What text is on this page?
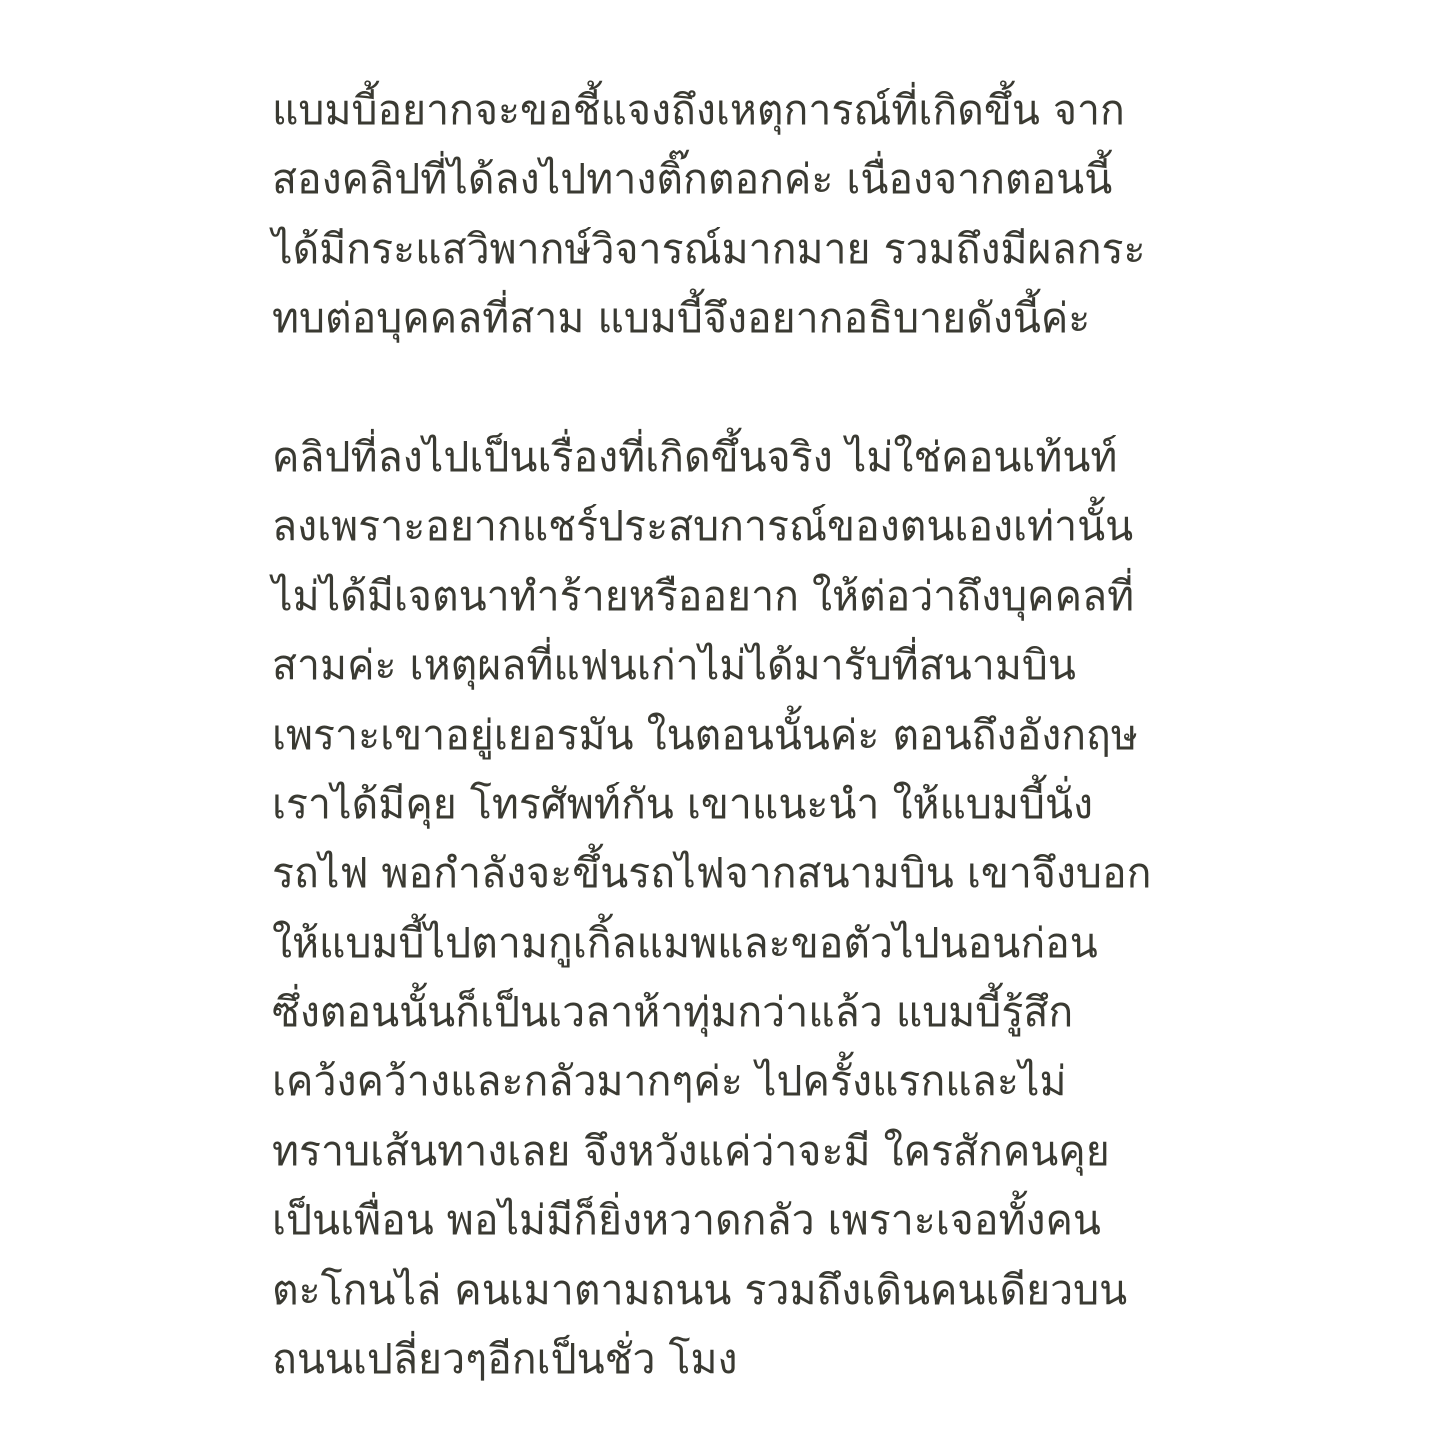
แบมบี้อยากจะขอชี้แจงถึงเหตุการณ์ที่เกิดขึ้น จาก
สองคลิปที่ได้ลงไปทางติ๊กตอกค่ะ เนื่องจากตอนนี้
ได้มีกระแสวิพากษ์วิจารณ์มากมาย รวมถึงมีผลกระ
ทบต่อบุคคลที่สาม แบมบี้จึงอยากอธิบายดังนี้ค่ะ
คลิปที่ลงไปเป็นเรื่องที่เกิดขึ้นจริง ไม่ใช่คอนเท้นท์
ลงเพราะอยากแชร์ประสบการณ์ของตนเองเท่านั้น
ไม่ได้มีเจตนาทำร้ายหรืออยาก ให้ต่อว่าถึงบุคคลที่
สามค่ะ เหตุผลที่แฟนเก่าไม่ได้มารับที่สนามบิน
เพราะเขาอยู่เยอรมัน ในตอนนั้นค่ะ ตอนถึงอังกฤษ
เราได้มีคุย โทรศัพท์กัน เขาแนะนำ ให้แบมบี้นั่ง
รถไฟ พอกำลังจะขึ้นรถไฟจากสนามบิน เขาจึงบอก
ให้แบมบี้ไปตามกูเกิ้ลแมพและขอตัวไปนอนก่อน
ซึ่งตอนนั้นก็เป็นเวลาห้าทุ่มกว่าแล้ว แบมบี้รู้สึก
เคว้งคว้างและกลัวมากๆค่ะ ไปครั้งแรกและไม่
ทราบเส้นทางเลย จึงหวังแค่ว่าจะมี ใครสักคนคุย
เป็นเพื่อน พอไม่มีก็ยิ่งหวาดกลัว เพราะเจอทั้งคน
ตะโกนไล่ คนเมาตามถนน รวมถึงเดินคนเดียวบน
ถนนเปลี่ยวๆอีกเป็นชั่ว โมง
